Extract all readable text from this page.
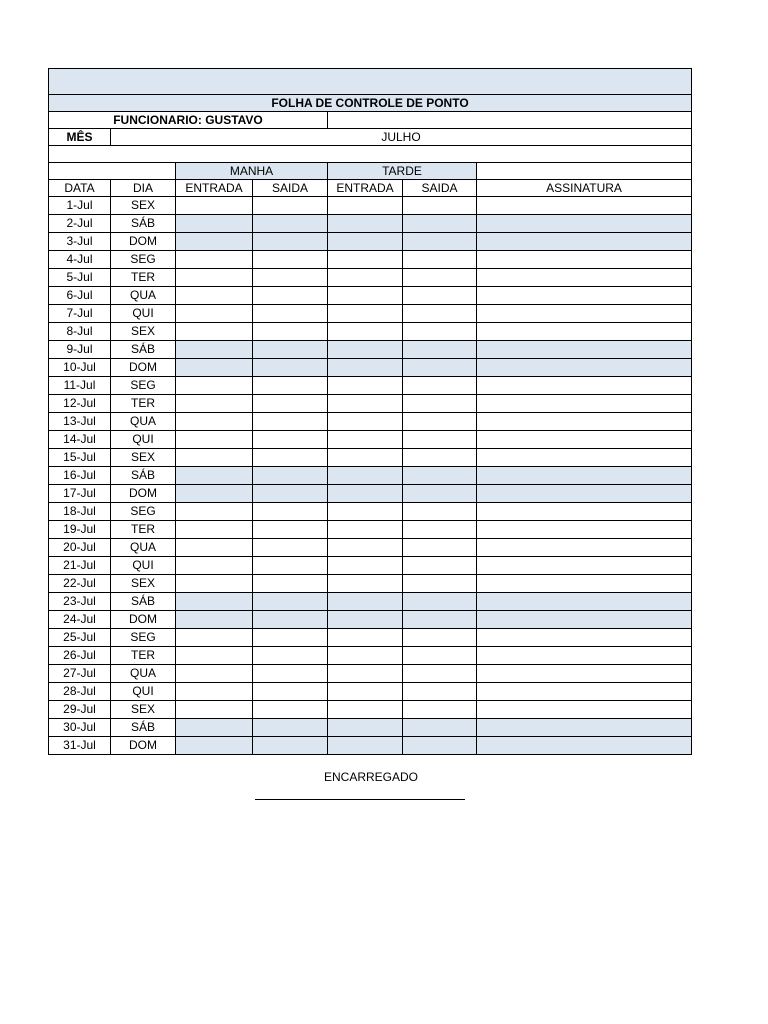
FOLHA DE CONTROLE DE PONTO						
FUNCIONARIO: GUSTAVO						
MÊS	JULHO					

		MANHA		TARDE		
DATA	DIA	ENTRADA	SAIDA	ENTRADA	SAIDA	ASSINATURA
1-Jul	SEX					
2-Jul	SÁB					
3-Jul	DOM					
4-Jul	SEG					
5-Jul	TER					
6-Jul	QUA					
7-Jul	QUI					
8-Jul	SEX					
9-Jul	SÁB					
10-Jul	DOM					
11-Jul	SEG					
12-Jul	TER					
13-Jul	QUA					
14-Jul	QUI					
15-Jul	SEX					
16-Jul	SÁB					
17-Jul	DOM					
18-Jul	SEG					
19-Jul	TER					
20-Jul	QUA					
21-Jul	QUI					
22-Jul	SEX					
23-Jul	SÁB					
24-Jul	DOM					
25-Jul	SEG					
26-Jul	TER					
27-Jul	QUA					
28-Jul	QUI					
29-Jul	SEX					
30-Jul	SÁB					
31-Jul	DOM					
ENCARREGADO
